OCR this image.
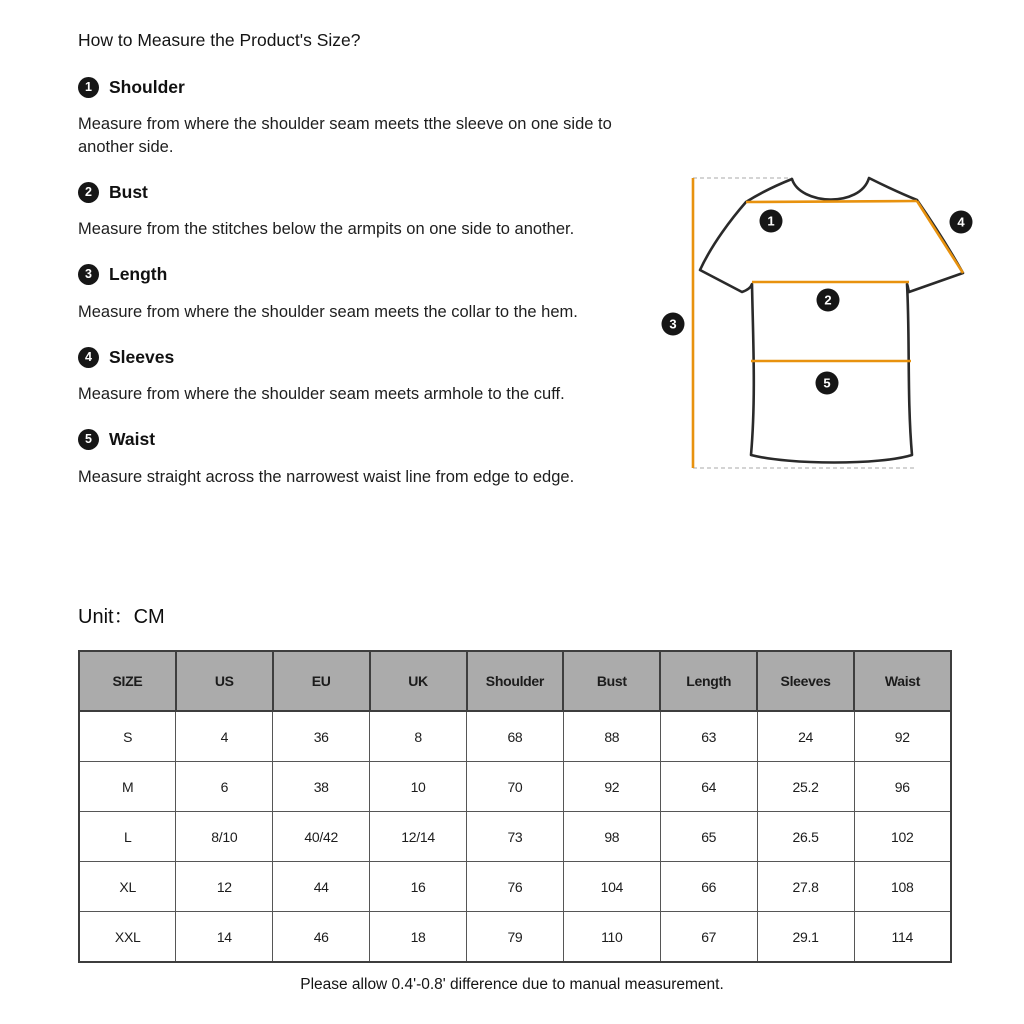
How to Measure the Product's Size?
1 Shoulder

Measure from where the shoulder seam meets tthe sleeve on one side to another side.

2 Bust

Measure from the stitches below the armpits on one side to another.

3 Length

Measure from where the shoulder seam meets the collar to the hem.

4 Sleeves

Measure from where the shoulder seam meets armhole to the cuff.

5 Waist

Measure straight across the narrowest waist line from edge to edge.

Unit：CM
1
2
3
4
5
SIZE	US	EU	UK	Shoulder	Bust	Length	Sleeves	Waist
S	4	36	8	68	88	63	24	92
M	6	38	10	70	92	64	25.2	96
L	8/10	40/42	12/14	73	98	65	26.5	102
XL	12	44	16	76	104	66	27.8	108
XXL	14	46	18	79	110	67	29.1	114
Please allow 0.4'-0.8' difference due to manual measurement.
